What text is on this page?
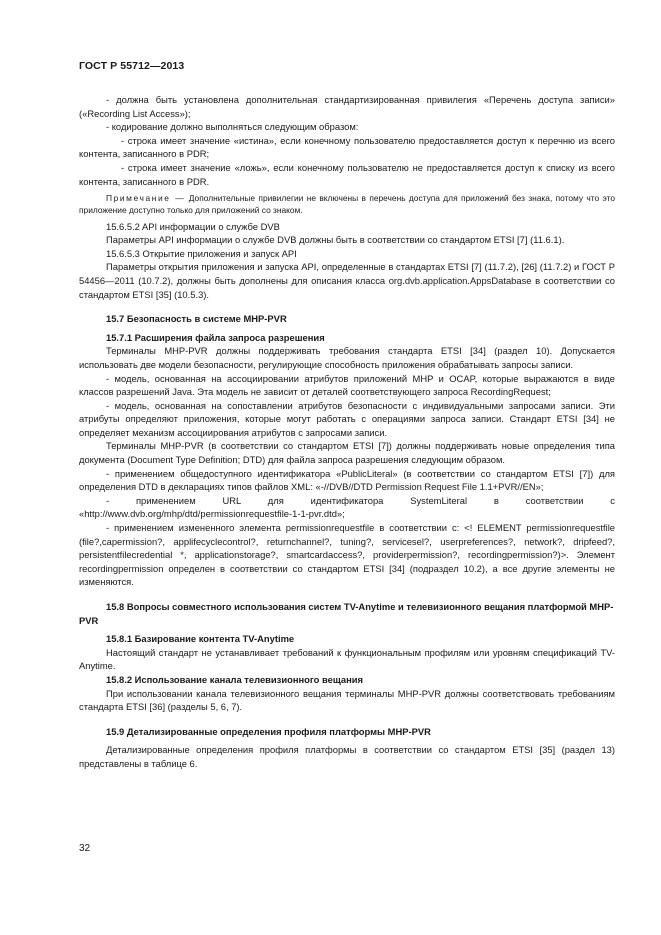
ГОСТ Р 55712—2013

- должна быть установлена дополнительная стандартизированная привилегия «Перечень доступа записи» («Recording List Access»);

- кодирование должно выполняться следующим образом:

- строка имеет значение «истина», если конечному пользователю предоставляется доступ к перечню из всего контента, записанного в PDR;

- строка имеет значение «ложь», если конечному пользователю не предоставляется доступ к списку из всего контента, записанного в PDR.

Примечание — Дополнительные привилегии не включены в перечень доступа для приложений без знака, потому что это приложение доступно только для приложений со знаком.

15.6.5.2 API информации о службе DVB

Параметры API информации о службе DVB должны быть в соответствии со стандартом ETSI [7] (11.6.1).

15.6.5.3 Открытие приложения и запуск API

Параметры открытия приложения и запуска API, определенные в стандартах ETSI [7] (11.7.2), [26] (11.7.2) и ГОСТ Р 54456—2011 (10.7.2), должны быть дополнены для описания класса org.dvb.application.AppsDatabase в соответствии со стандартом ETSI [35] (10.5.3).

15.7 Безопасность в системе MHP-PVR

15.7.1 Расширения файла запроса разрешения

Терминалы MHP-PVR должны поддерживать требования стандарта ETSI [34] (раздел 10). Допускается использовать две модели безопасности, регулирующие способность приложения обрабатывать запросы записи.

- модель, основанная на ассоциировании атрибутов приложений MHP и OCAP, которые выражаются в виде классов разрешений Java. Эта модель не зависит от деталей соответствующего запроса RecordingRequest;

- модель, основанная на сопоставлении атрибутов безопасности с индивидуальными запросами записи. Эти атрибуты определяют приложения, которые могут работать с операциями запроса записи. Стандарт ETSI [34] не определяет механизм ассоциирования атрибутов с запросами записи.

Терминалы MHP-PVR (в соответствии со стандартом ETSI [7]) должны поддерживать новые определения типа документа (Document Type Definition; DTD) для файла запроса разрешения следующим образом.

- применением общедоступного идентификатора «PublicLiteral» (в соответствии со стандартом ETSI [7]) для определения DTD в декларациях типов файлов XML: «-//DVB//DTD Permission Request File 1.1+PVR//EN»;

- применением URL для идентификатора SystemLiteral в соответствии с «http://www.dvb.org/mhp/dtd/permissionrequestfile-1-1-pvr.dtd»;

- применением измененного элемента permissionrequestfile в соответствии с: <! ELEMENT permissionrequestfile (file?,capermission?, applifecyclecontrol?, returnchannel?, tuning?, servicesel?, userpreferences?, network?, dripfeed?, persistentfilecredential *, applicationstorage?, smartcardaccess?, providerpermission?, recordingpermission?)>. Элемент recordingpermission определен в соответствии со стандартом ETSI [34] (подраздел 10.2), а все другие элементы не изменяются.

15.8 Вопросы совместного использования систем TV-Anytime и телевизионного вещания платформой MHP-PVR

15.8.1 Базирование контента TV-Anytime

Настоящий стандарт не устанавливает требований к функциональным профилям или уровням спецификаций TV-Anytime.

15.8.2 Использование канала телевизионного вещания

При использовании канала телевизионного вещания терминалы MHP-PVR должны соответствовать требованиям стандарта ETSI [36] (разделы 5, 6, 7).

15.9 Детализированные определения профиля платформы MHP-PVR

Детализированные определения профиля платформы в соответствии со стандартом ETSI [35] (раздел 13) представлены в таблице 6.

32
